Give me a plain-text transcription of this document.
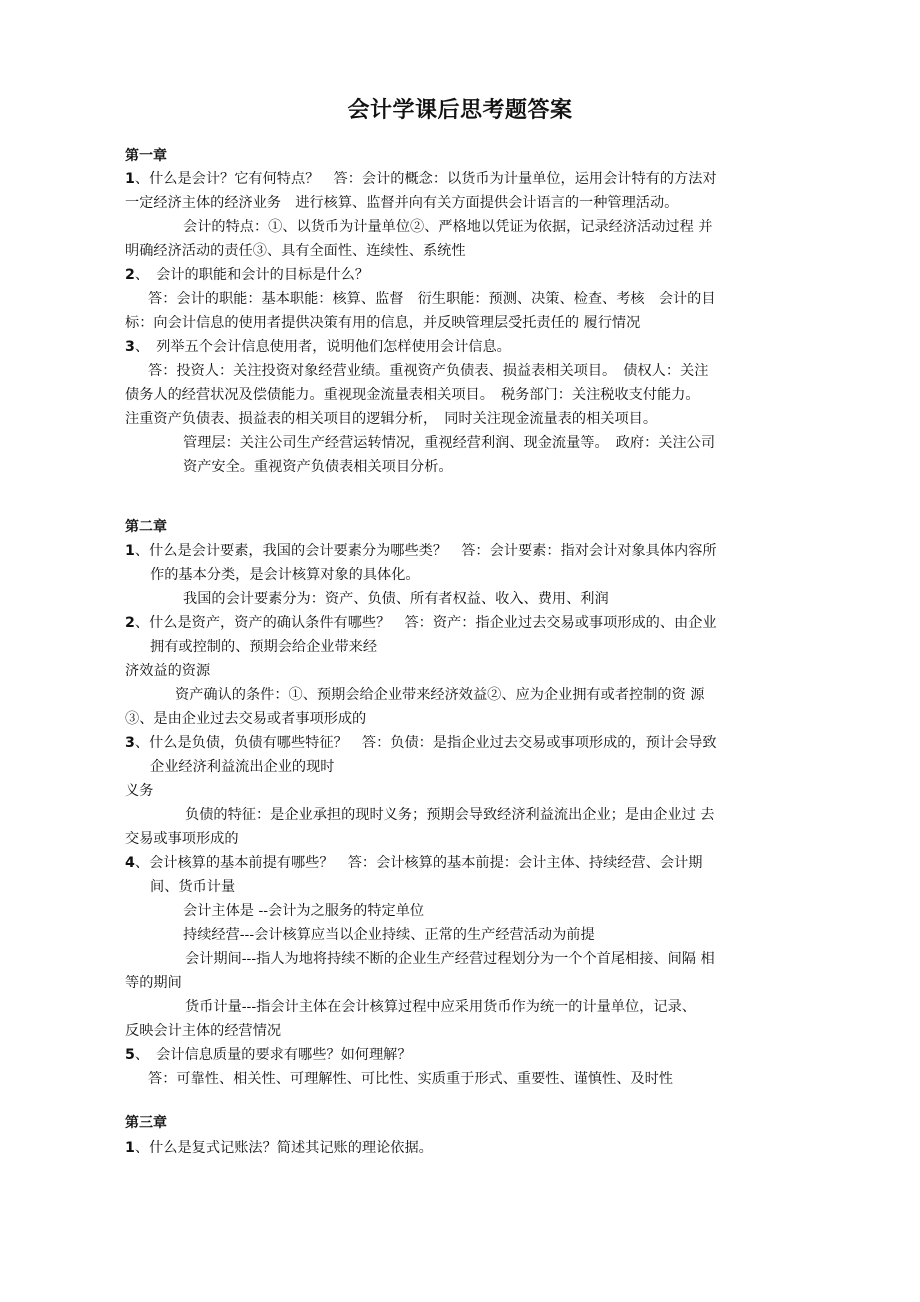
会计学课后思考题答案
第一章
1、什么是会计？它有何特点？　答：会计的概念：以货币为计量单位，运用会计特有的方法对
一定经济主体的经济业务　进行核算、监督并向有关方面提供会计语言的一种管理活动。
会计的特点：①、以货币为计量单位②、严格地以凭证为依据，记录经济活动过程 并
明确经济活动的责任③、具有全面性、连续性、系统性
2、　会计的职能和会计的目标是什么？
答：会计的职能：基本职能：核算、监督　衍生职能：预测、决策、检查、考核　会计的目
标：向会计信息的使用者提供决策有用的信息，并反映管理层受托责任的 履行情况
3、　列举五个会计信息使用者，说明他们怎样使用会计信息。
答：投资人：关注投资对象经营业绩。重视资产负债表、损益表相关项目。　债权人：关注
债务人的经营状况及偿债能力。重视现金流量表相关项目。　税务部门：关注税收支付能力。
注重资产负债表、损益表的相关项目的逻辑分析，　同时关注现金流量表的相关项目。
管理层：关注公司生产经营运转情况，重视经营利润、现金流量等。　政府：关注公司
资产安全。重视资产负债表相关项目分析。
第二章
1、什么是会计要素，我国的会计要素分为哪些类？　答：会计要素：指对会计对象具体内容所
作的基本分类，是会计核算对象的具体化。
我国的会计要素分为：资产、负债、所有者权益、收入、费用、利润
2、什么是资产，资产的确认条件有哪些？　答：资产：指企业过去交易或事项形成的、由企业
拥有或控制的、预期会给企业带来经
济效益的资源
资产确认的条件：①、预期会给企业带来经济效益②、应为企业拥有或者控制的资 源
③、是由企业过去交易或者事项形成的
3、什么是负债，负债有哪些特征？　答：负债：是指企业过去交易或事项形成的，预计会导致
企业经济利益流出企业的现时
义务
负债的特征：是企业承担的现时义务；预期会导致经济利益流出企业；是由企业过 去
交易或事项形成的
4、会计核算的基本前提有哪些？　答：会计核算的基本前提：会计主体、持续经营、会计期
间、货币计量
会计主体是 --会计为之服务的特定单位
持续经营---会计核算应当以企业持续、正常的生产经营活动为前提
会计期间---指人为地将持续不断的企业生产经营过程划分为一个个首尾相接、间隔 相
等的期间
货币计量---指会计主体在会计核算过程中应采用货币作为统一的计量单位，记录、
反映会计主体的经营情况
5、　会计信息质量的要求有哪些？如何理解？
答：可靠性、相关性、可理解性、可比性、实质重于形式、重要性、谨慎性、及时性
第三章
1、什么是复式记账法？简述其记账的理论依据。
